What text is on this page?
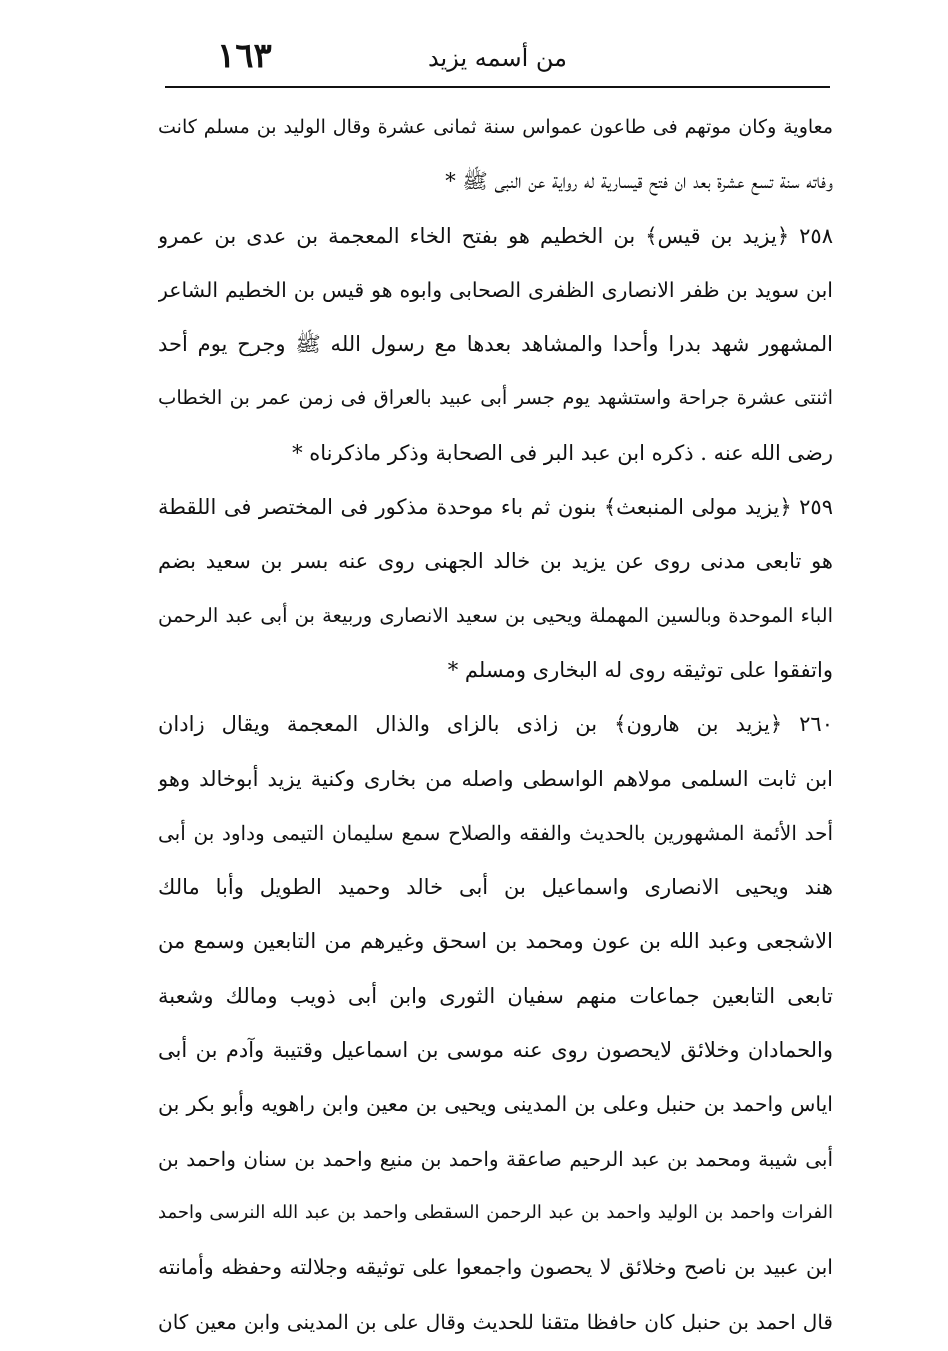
من أسمه يزيد
١٦٣
معاوية وكان موتهم فى طاعون عمواس سنة ثمانى عشرة وقال الوليد بن مسلم كانت
وفاته سنة تسع عشرة بعد ان فتح قيسارية له رواية عن النبى ﷺ *
٢٥٨ ﴿يزيد بن قيس﴾ بن الخطيم هو بفتح الخاء المعجمة بن عدى بن عمرو
ابن سويد بن ظفر الانصارى الظفرى الصحابى وابوه هو قيس بن الخطيم الشاعر
المشهور شهد بدرا وأحدا والمشاهد بعدها مع رسول الله ﷺ وجرح يوم أحد
اثنتى عشرة جراحة واستشهد يوم جسر أبى عبيد بالعراق فى زمن عمر بن الخطاب
رضى الله عنه . ذكره ابن عبد البر فى الصحابة وذكر ماذكرناه *
٢٥٩ ﴿يزيد مولى المنبعث﴾ بنون ثم باء موحدة مذكور فى المختصر فى اللقطة
هو تابعى مدنى روى عن يزيد بن خالد الجهنى روى عنه بسر بن سعيد بضم
الباء الموحدة وبالسين المهملة ويحيى بن سعيد الانصارى وربيعة بن أبى عبد الرحمن
واتفقوا على توثيقه روى له البخارى ومسلم *
٢٦٠ ﴿يزيد بن هارون﴾ بن زاذى بالزاى والذال المعجمة ويقال زادان
ابن ثابت السلمى مولاهم الواسطى واصله من بخارى وكنية يزيد أبوخالد وهو
أحد الأئمة المشهورين بالحديث والفقه والصلاح سمع سليمان التيمى وداود بن أبى
هند ويحيى الانصارى واسماعيل بن أبى خالد وحميد الطويل وأبا مالك
الاشجعى وعبد الله بن عون ومحمد بن اسحق وغيرهم من التابعين وسمع من
تابعى التابعين جماعات منهم سفيان الثورى وابن أبى ذويب ومالك وشعبة
والحمادان وخلائق لايحصون روى عنه موسى بن اسماعيل وقتيبة وآدم بن أبى
اياس واحمد بن حنبل وعلى بن المدينى ويحيى بن معين وابن راهويه وأبو بكر بن
أبى شيبة ومحمد بن عبد الرحيم صاعقة واحمد بن منيع واحمد بن سنان واحمد بن
الفرات واحمد بن الوليد واحمد بن عبد الرحمن السقطى واحمد بن عبد الله النرسى واحمد
ابن عبيد بن ناصح وخلائق لا يحصون واجمعوا على توثيقه وجلالته وحفظه وأمانته
قال احمد بن حنبل كان حافظا متقنا للحديث وقال على بن المدينى وابن معين كان
